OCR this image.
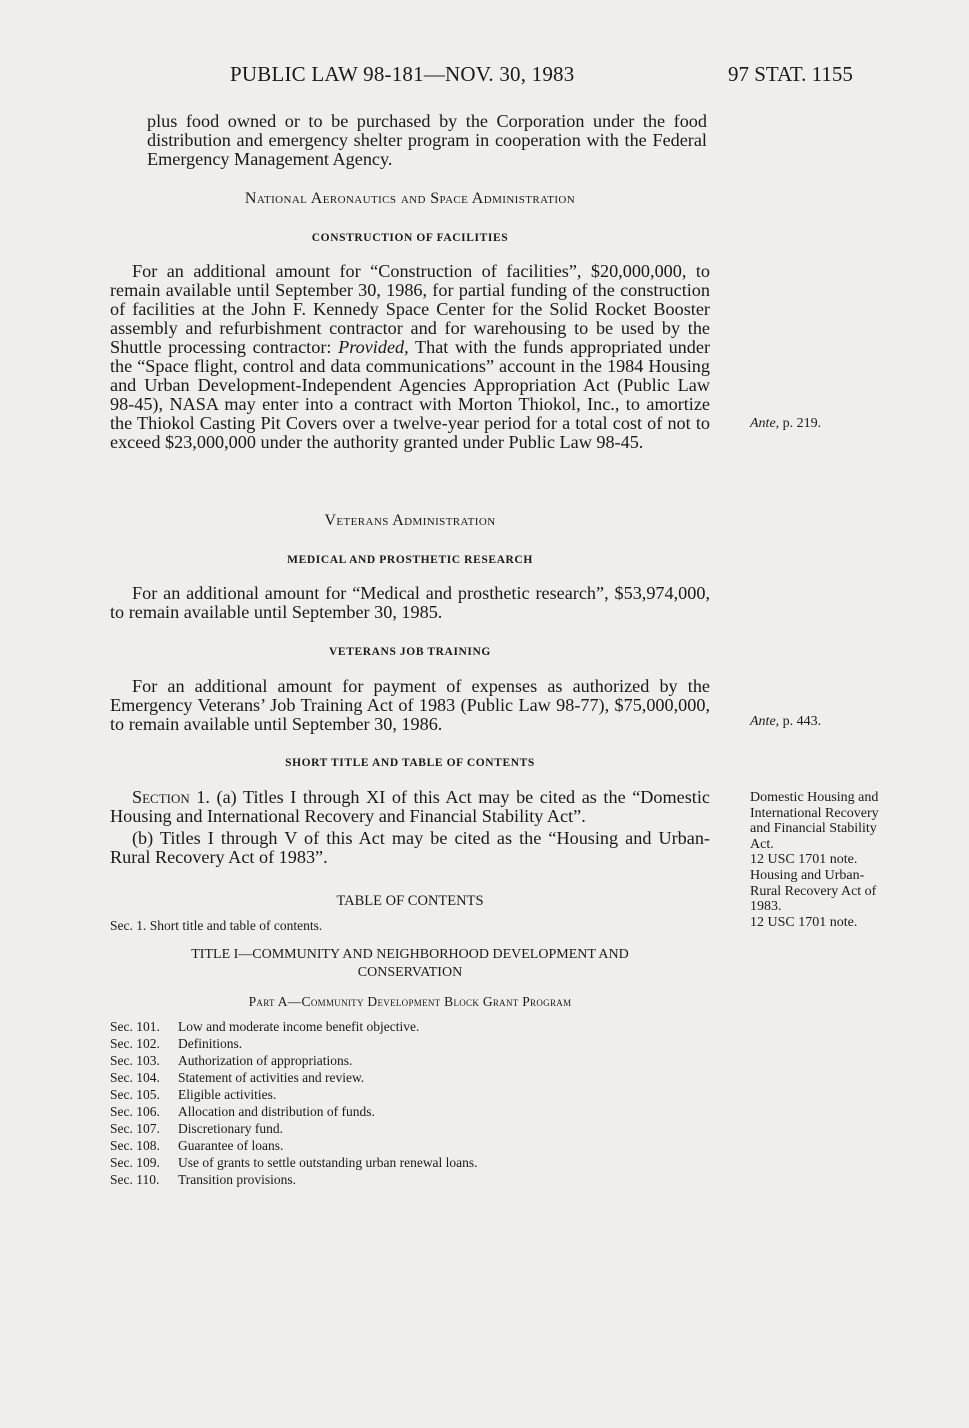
PUBLIC LAW 98-181—NOV. 30, 1983	97 STAT. 1155

plus food owned or to be purchased by the Corporation under the food distribution and emergency shelter program in cooperation with the Federal Emergency Management Agency.

National Aeronautics and Space Administration
CONSTRUCTION OF FACILITIES

For an additional amount for “Construction of facilities”, $20,000,000, to remain available until September 30, 1986, for partial funding of the construction of facilities at the John F. Kennedy Space Center for the Solid Rocket Booster assembly and refurbishment contractor and for warehousing to be used by the Shuttle processing contractor: Provided, That with the funds appropriated under the “Space flight, control and data communications” account in the 1984 Housing and Urban Development-Independent Agencies Appropriation Act (Public Law 98-45), NASA may enter into a contract with Morton Thiokol, Inc., to amortize the Thiokol Casting Pit Covers over a twelve-year period for a total cost of not to exceed $23,000,000 under the authority granted under Public Law 98-45.

Ante, p. 219.
Veterans Administration
MEDICAL AND PROSTHETIC RESEARCH

For an additional amount for “Medical and prosthetic research”, $53,974,000, to remain available until September 30, 1985.

VETERANS JOB TRAINING

For an additional amount for payment of expenses as authorized by the Emergency Veterans’ Job Training Act of 1983 (Public Law 98-77), $75,000,000, to remain available until September 30, 1986.	Ante, p. 443.
SHORT TITLE AND TABLE OF CONTENTS

Section 1. (a) Titles I through XI of this Act may be cited as the “Domestic Housing and International Recovery and Financial Stability Act”.

(b) Titles I through V of this Act may be cited as the “Housing and Urban-Rural Recovery Act of 1983”.

Domestic Housing and International Recovery and Financial Stability Act.
12 USC 1701 note.
Housing and Urban-Rural Recovery Act of 1983.
12 USC 1701 note.
TABLE OF CONTENTS
Sec. 1. Short title and table of contents.
TITLE I—COMMUNITY AND NEIGHBORHOOD DEVELOPMENT AND CONSERVATION
Part A—Community Development Block Grant Program
Sec. 101.	Low and moderate income benefit objective.
Sec. 102.	Definitions.
Sec. 103.	Authorization of appropriations.
Sec. 104.	Statement of activities and review.
Sec. 105.	Eligible activities.
Sec. 106.	Allocation and distribution of funds.
Sec. 107.	Discretionary fund.
Sec. 108.	Guarantee of loans.
Sec. 109.	Use of grants to settle outstanding urban renewal loans.
Sec. 110.	Transition provisions.
